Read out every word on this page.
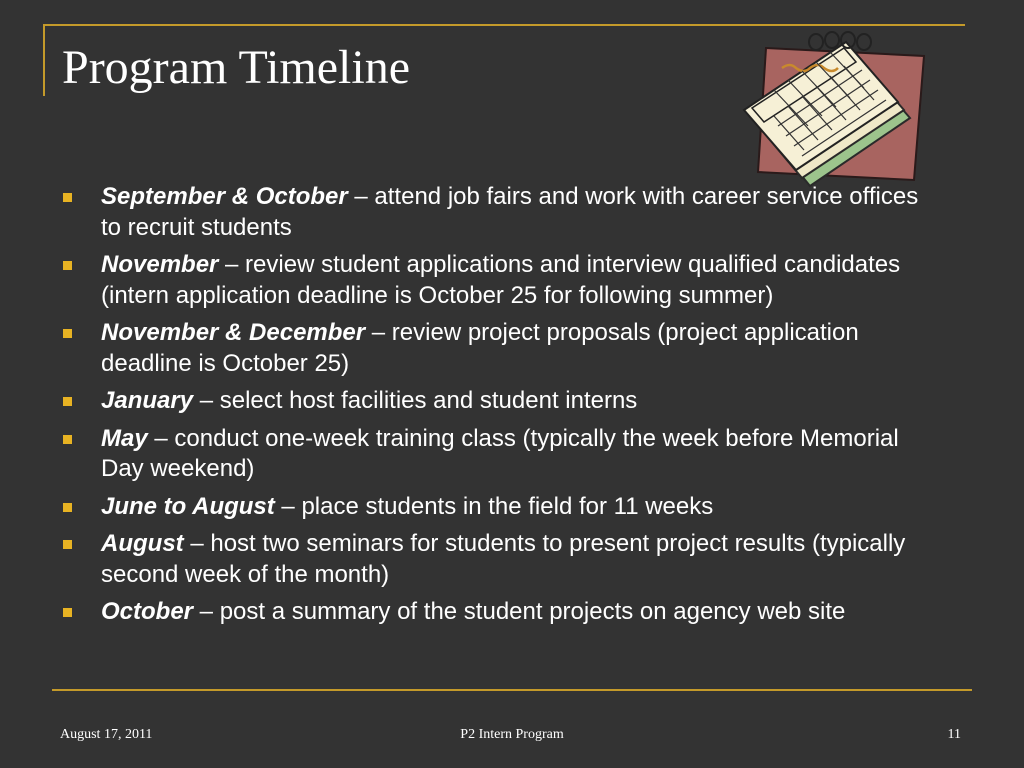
Program Timeline
September & October – attend job fairs and work with career service offices to recruit students
November – review student applications and interview qualified candidates (intern application deadline is October 25 for following summer)
November & December – review project proposals (project application deadline is October 25)
January – select host facilities and student interns
May – conduct one-week training class (typically the week before Memorial Day weekend)
June to August – place students in the field for 11 weeks
August – host two seminars for students to present project results (typically second week of the month)
October – post a summary of the student projects on agency web site
August 17, 2011	P2 Intern Program	11
